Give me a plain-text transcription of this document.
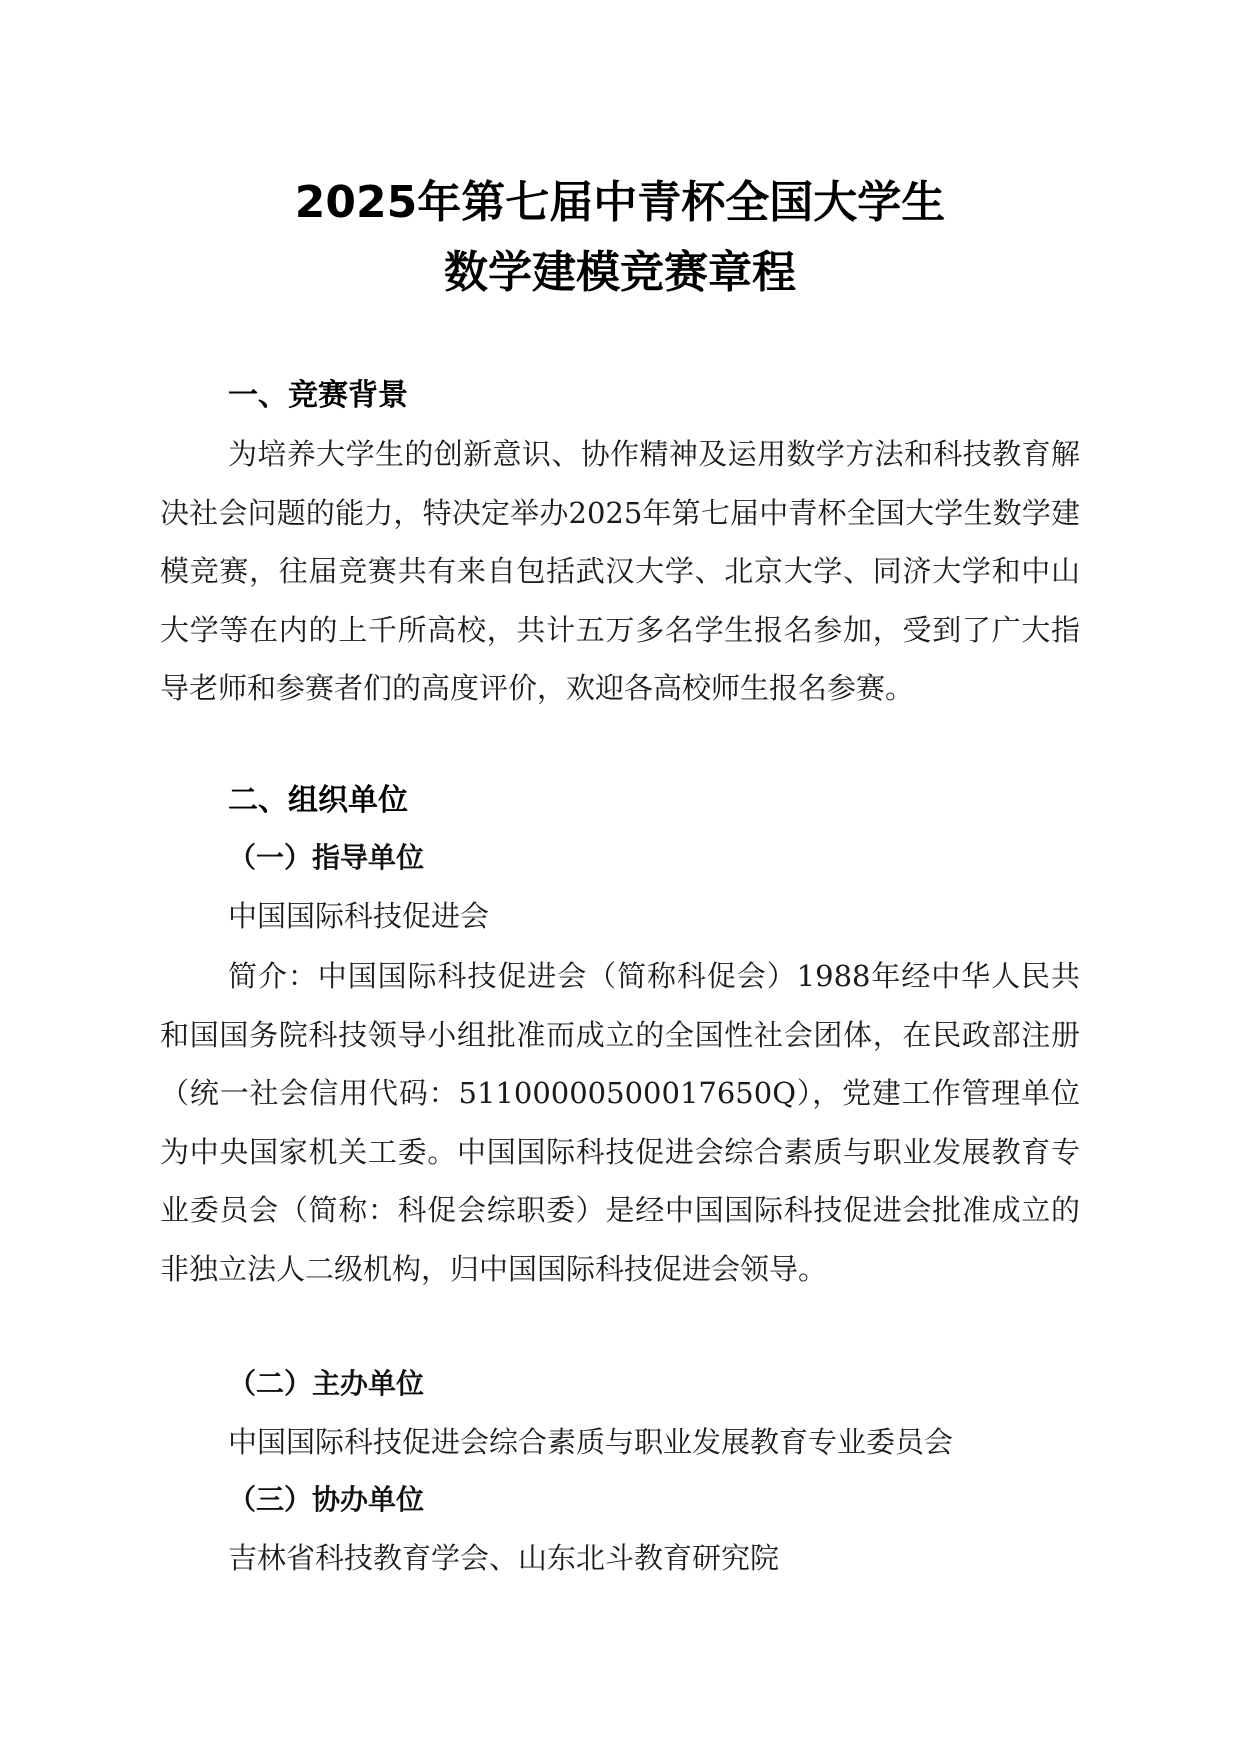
2025年第七届中青杯全国大学生
数学建模竞赛章程
一、竞赛背景

为培养大学生的创新意识、协作精神及运用数学方法和科技教育解决社会问题的能力，特决定举办2025年第七届中青杯全国大学生数学建模竞赛，往届竞赛共有来自包括武汉大学、北京大学、同济大学和中山大学等在内的上千所高校，共计五万多名学生报名参加，受到了广大指导老师和参赛者们的高度评价，欢迎各高校师生报名参赛。

二、组织单位
（一）指导单位

中国国际科技促进会

简介：中国国际科技促进会（简称科促会）1988年经中华人民共和国国务院科技领导小组批准而成立的全国性社会团体，在民政部注册（统一社会信用代码：51100000500017650Q），党建工作管理单位为中央国家机关工委。中国国际科技促进会综合素质与职业发展教育专业委员会（简称：科促会综职委）是经中国国际科技促进会批准成立的非独立法人二级机构，归中国国际科技促进会领导。

（二）主办单位

中国国际科技促进会综合素质与职业发展教育专业委员会

（三）协办单位

吉林省科技教育学会、山东北斗教育研究院
